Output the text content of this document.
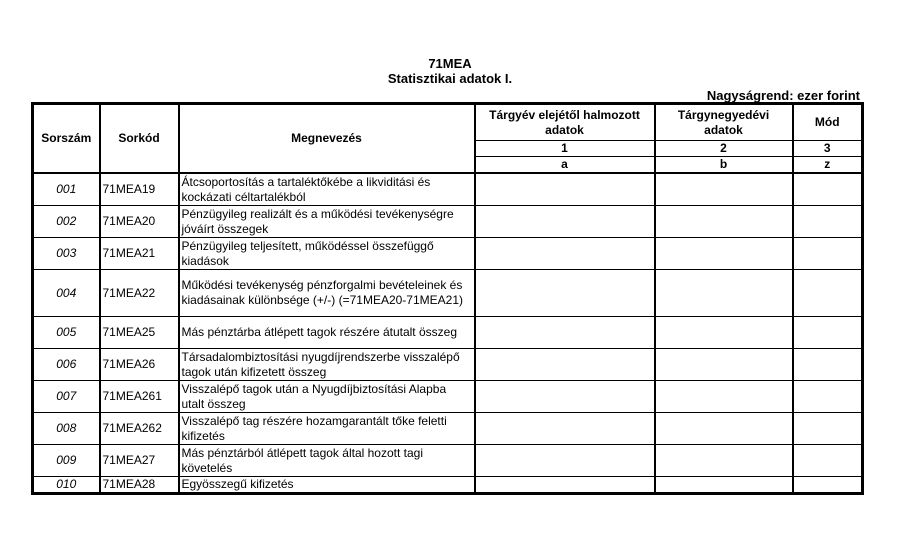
71MEA
Statisztikai adatok I.
Nagyságrend: ezer forint
Sorszám	Sorkód	Megnevezés	Tárgyév elejétől halmozott adatok	Tárgynegyedévi adatok	Mód
			1	2	3
			a	b	z
001	71MEA19	Átcsoportosítás a tartaléktőkébe a likviditási és kockázati céltartalékból			
002	71MEA20	Pénzügyileg realizált és a működési tevékenységre jóváírt összegek			
003	71MEA21	Pénzügyileg teljesített, működéssel összefüggő kiadások			
004	71MEA22	Működési tevékenység pénzforgalmi bevételeinek és kiadásainak különbsége (+/-) (=71MEA20-71MEA21)			
005	71MEA25	Más pénztárba átlépett tagok részére átutalt összeg			
006	71MEA26	Társadalombiztosítási nyugdíjrendszerbe visszalépő tagok után kifizetett összeg			
007	71MEA261	Visszalépő tagok után a Nyugdíjbiztosítási Alapba utalt összeg			
008	71MEA262	Visszalépő tag részére hozamgarantált tőke feletti kifizetés			
009	71MEA27	Más pénztárból átlépett tagok által hozott tagi követelés			
010	71MEA28	Egyösszegű kifizetés			
